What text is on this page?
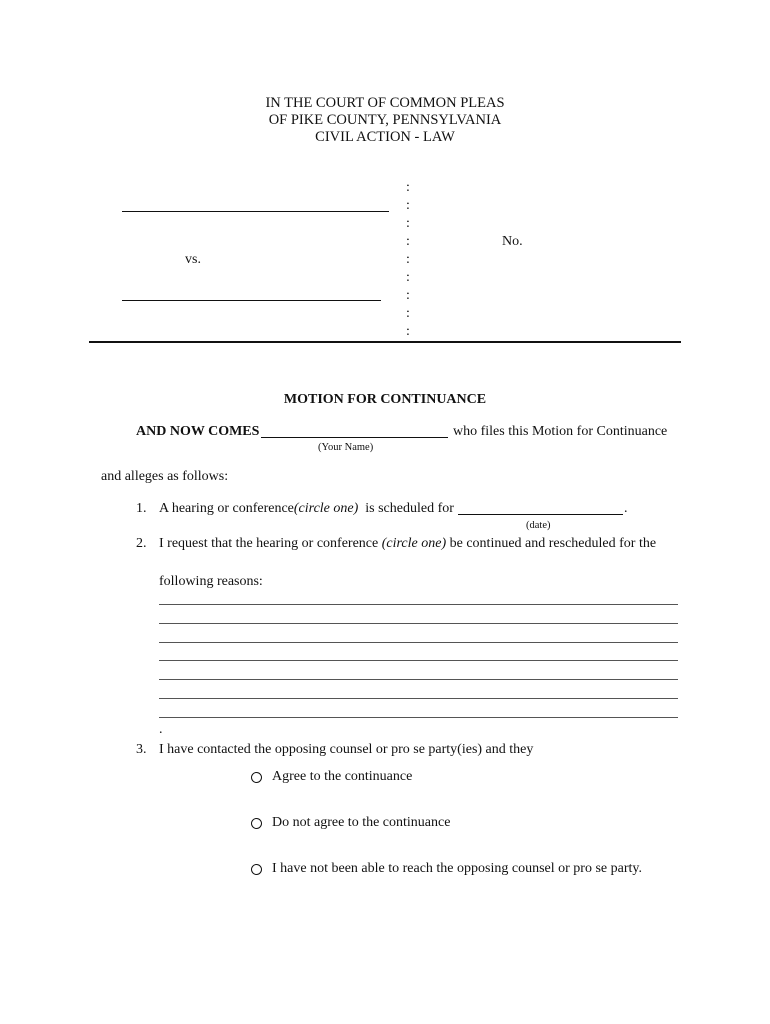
IN THE COURT OF COMMON PLEAS
OF PIKE COUNTY, PENNSYLVANIA
CIVIL ACTION - LAW
vs.
:
:
:
:
:
:
:
:
:
No.
MOTION FOR CONTINUANCE
AND NOW COMES	who files this Motion for Continuance
(Your Name)
and alleges as follows:
1. A hearing or conference(circle one) is scheduled for	.
(date)
2. I request that the hearing or conference (circle one) be continued and rescheduled for the
following reasons:
.
3. I have contacted the opposing counsel or pro se party(ies) and they
Agree to the continuance
Do not agree to the continuance
I have not been able to reach the opposing counsel or pro se party.
